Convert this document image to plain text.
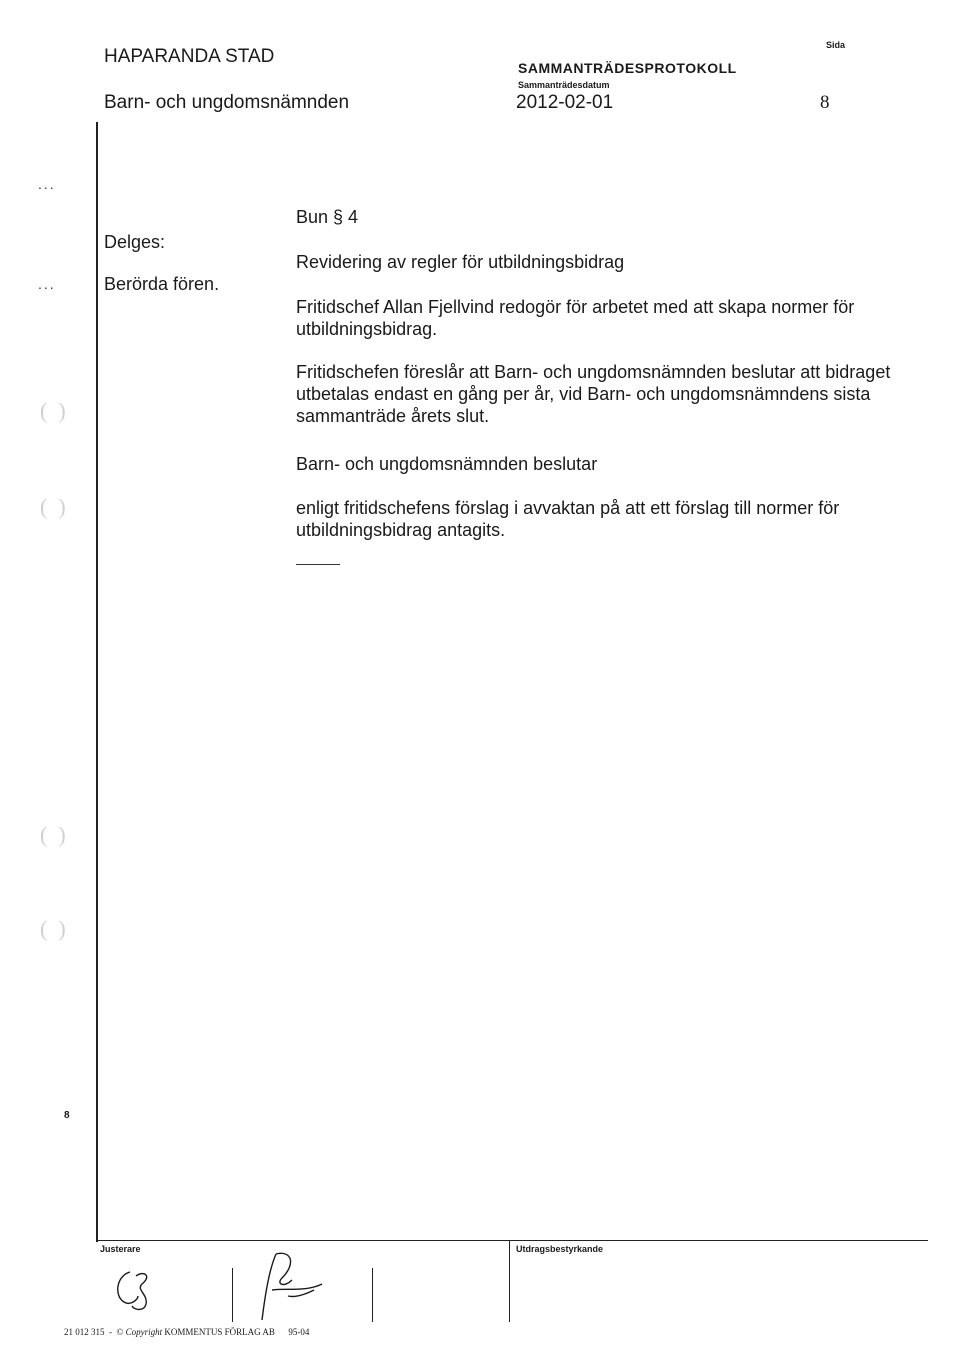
HAPARANDA STAD
Barn- och ungdomsnämnden
SAMMANTRÄDESPROTOKOLL
Sammanträdesdatum
2012-02-01
Sida
8
...
...
(  )
(  )
(  )
(  )
Delges:
Berörda fören.
Bun § 4
Revidering av regler för utbildningsbidrag
Fritidschef Allan Fjellvind redogör för arbetet med att skapa normer för utbildningsbidrag.
Fritidschefen föreslår att Barn- och ungdomsnämnden beslutar att bidraget utbetalas endast en gång per år, vid Barn- och ungdomsnämndens sista sammanträde årets slut.
Barn- och ungdomsnämnden beslutar
enligt fritidschefens förslag i avvaktan på att ett förslag till normer för utbildningsbidrag antagits.
8
Justerare	Utdragsbestyrkande
21 012 315  -  © Copyright KOMMENTUS FÖRLAG AB 95-04
